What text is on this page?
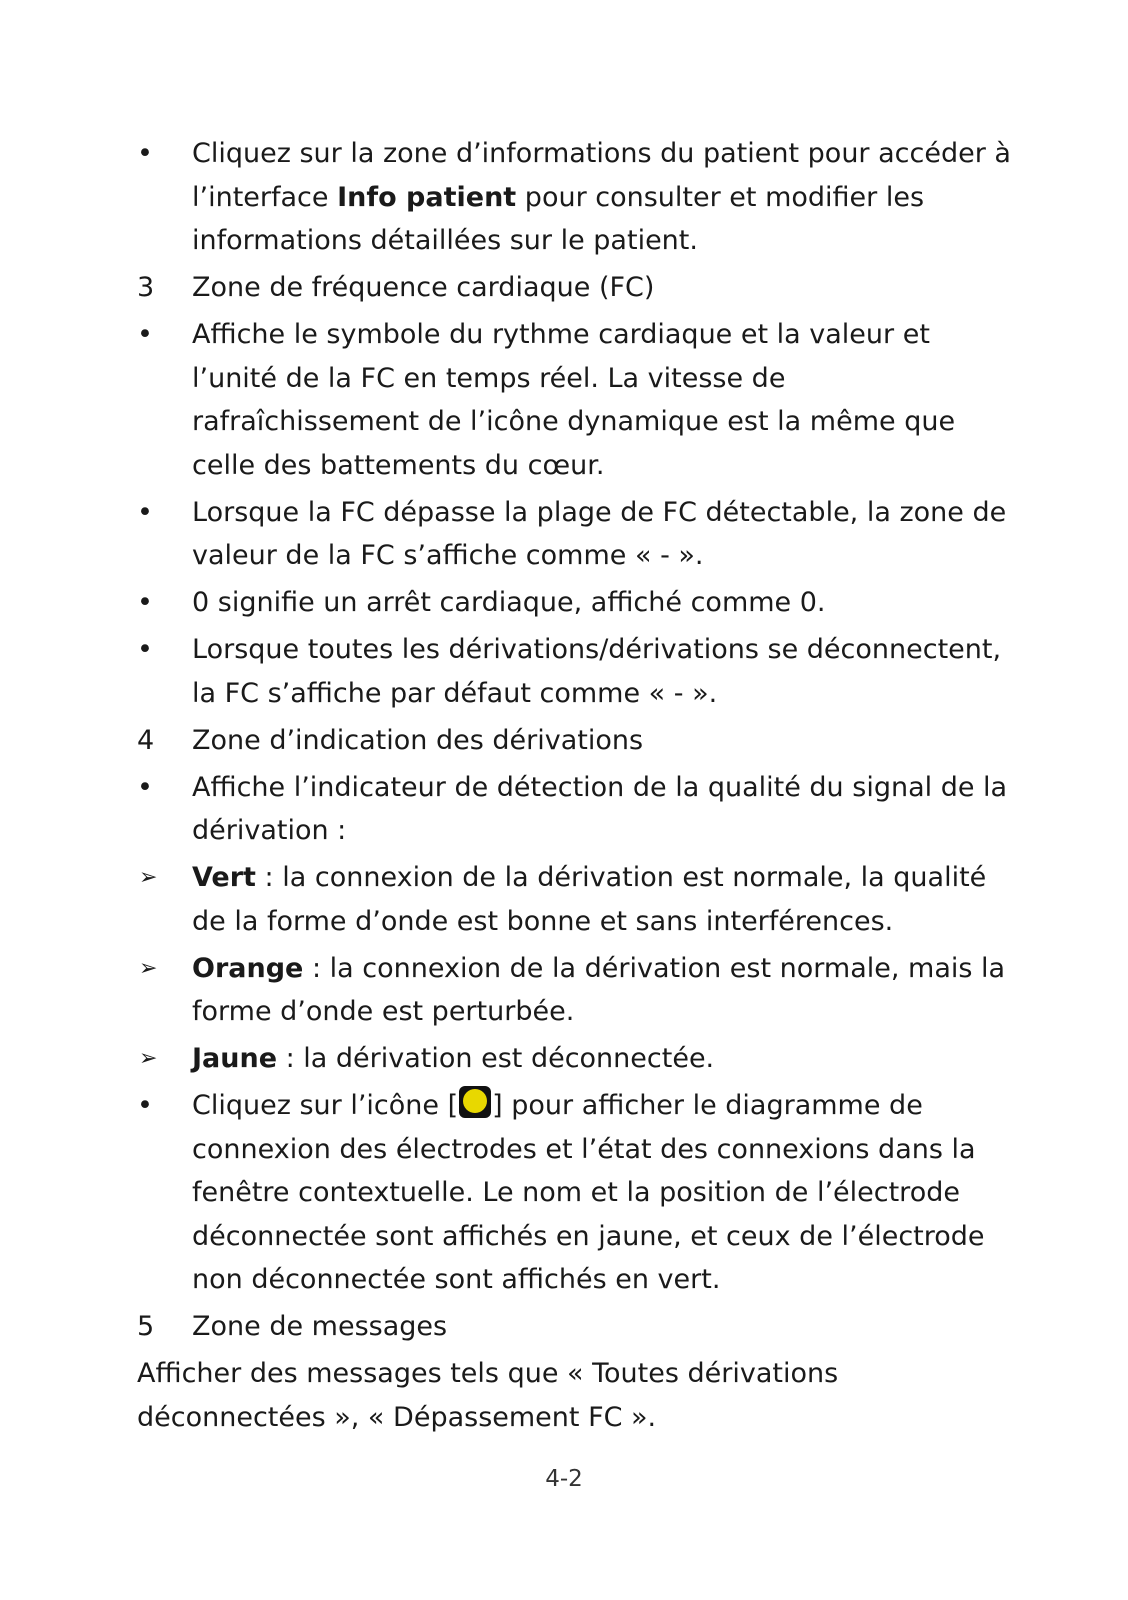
•	Cliquez sur la zone d’informations du patient pour accéder à l’interface Info patient pour consulter et modifier les informations détaillées sur le patient.
3	Zone de fréquence cardiaque (FC)
•	Affiche le symbole du rythme cardiaque et la valeur et l’unité de la FC en temps réel. La vitesse de rafraîchissement de l’icône dynamique est la même que celle des battements du cœur.
•	Lorsque la FC dépasse la plage de FC détectable, la zone de valeur de la FC s’affiche comme « - ».
•	0 signifie un arrêt cardiaque, affiché comme 0.
•	Lorsque toutes les dérivations/dérivations se déconnectent, la FC s’affiche par défaut comme « - ».
4	Zone d’indication des dérivations
•	Affiche l’indicateur de détection de la qualité du signal de la dérivation :
➢	Vert : la connexion de la dérivation est normale, la qualité de la forme d’onde est bonne et sans interférences.
➢	Orange : la connexion de la dérivation est normale, mais la forme d’onde est perturbée.
➢	Jaune : la dérivation est déconnectée.
•	Cliquez sur l’icône [ ] pour afficher le diagramme de connexion des électrodes et l’état des connexions dans la fenêtre contextuelle. Le nom et la position de l’électrode déconnectée sont affichés en jaune, et ceux de l’électrode non déconnectée sont affichés en vert.
5	Zone de messages
Afficher des messages tels que « Toutes dérivations déconnectées », « Dépassement FC ».
4-2
